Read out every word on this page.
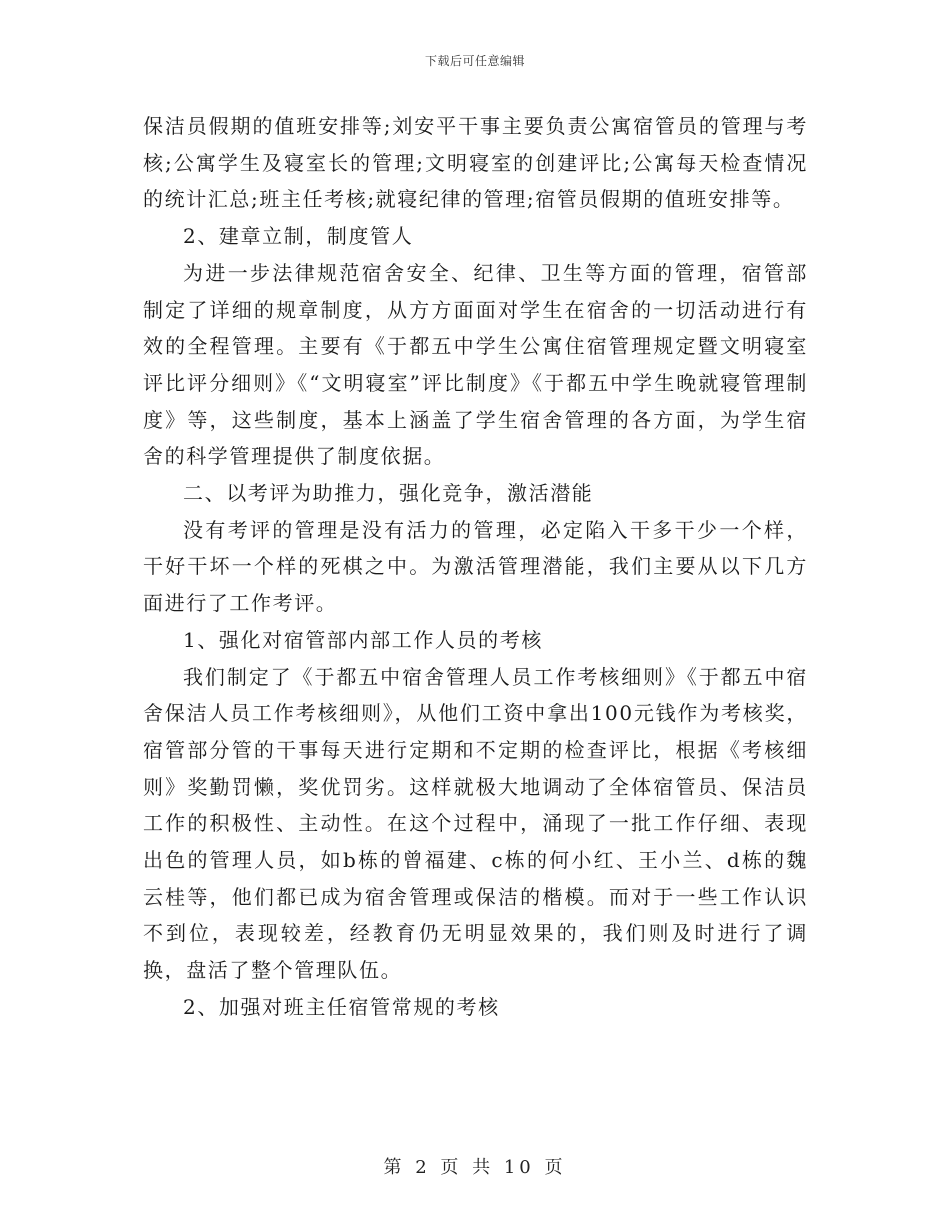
下载后可任意编辑

保洁员假期的值班安排等;刘安平干事主要负责公寓宿管员的管理与考核;公寓学生及寝室长的管理;文明寝室的创建评比;公寓每天检查情况的统计汇总;班主任考核;就寝纪律的管理;宿管员假期的值班安排等。

2、建章立制，制度管人

为进一步法律规范宿舍安全、纪律、卫生等方面的管理，宿管部制定了详细的规章制度，从方方面面对学生在宿舍的一切活动进行有效的全程管理。主要有《于都五中学生公寓住宿管理规定暨文明寝室评比评分细则》《“文明寝室”评比制度》《于都五中学生晚就寝管理制度》等，这些制度，基本上涵盖了学生宿舍管理的各方面，为学生宿舍的科学管理提供了制度依据。

二、以考评为助推力，强化竞争，激活潜能

没有考评的管理是没有活力的管理，必定陷入干多干少一个样，干好干坏一个样的死棋之中。为激活管理潜能，我们主要从以下几方面进行了工作考评。

1、强化对宿管部内部工作人员的考核

我们制定了《于都五中宿舍管理人员工作考核细则》《于都五中宿舍保洁人员工作考核细则》，从他们工资中拿出100元钱作为考核奖，宿管部分管的干事每天进行定期和不定期的检查评比，根据《考核细则》奖勤罚懒，奖优罚劣。这样就极大地调动了全体宿管员、保洁员工作的积极性、主动性。在这个过程中，涌现了一批工作仔细、表现出色的管理人员，如b栋的曾福建、c栋的何小红、王小兰、d栋的魏云桂等，他们都已成为宿舍管理或保洁的楷模。而对于一些工作认识不到位，表现较差，经教育仍无明显效果的，我们则及时进行了调换，盘活了整个管理队伍。

2、加强对班主任宿管常规的考核

第 2 页 共 10 页
